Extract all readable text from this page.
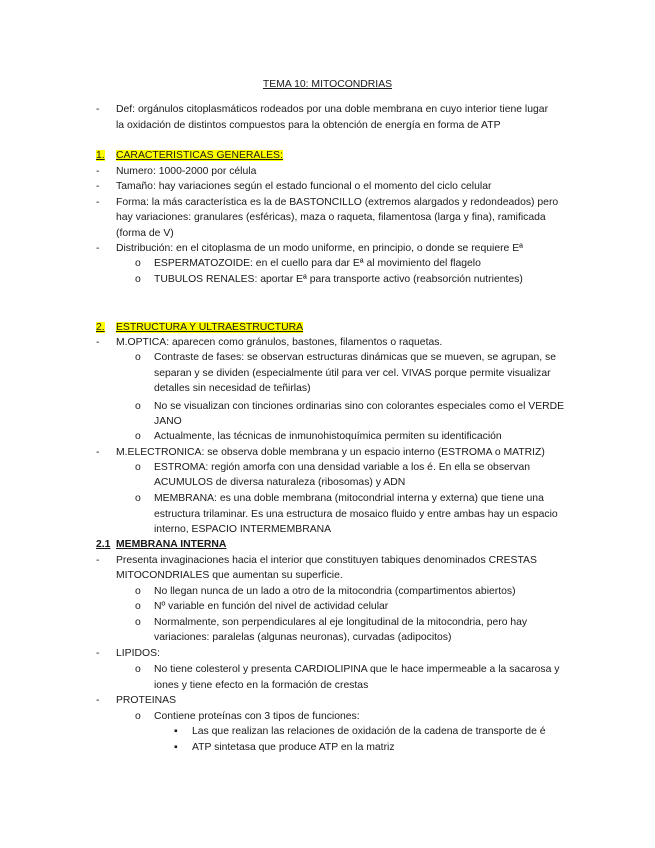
TEMA 10: MITOCONDRIAS
- Def: orgánulos citoplasmáticos rodeados por una doble membrana en cuyo interior tiene lugar
la oxidación de distintos compuestos para la obtención de energía en forma de ATP
1. CARACTERISTICAS GENERALES:
- Numero: 1000-2000 por célula
- Tamaño: hay variaciones según el estado funcional o el momento del ciclo celular
- Forma: la más característica es la de BASTONCILLO (extremos alargados y redondeados) pero
hay variaciones: granulares (esféricas), maza o raqueta, filamentosa (larga y fina), ramificada
(forma de V)
- Distribución: en el citoplasma de un modo uniforme, en principio, o donde se requiere Eª
o ESPERMATOZOIDE: en el cuello para dar Eª al movimiento del flagelo
o TUBULOS RENALES: aportar Eª para transporte activo (reabsorción nutrientes)
2. ESTRUCTURA Y ULTRAESTRUCTURA
- M.OPTICA: aparecen como gránulos, bastones, filamentos o raquetas.
o Contraste de fases: se observan estructuras dinámicas que se mueven, se agrupan, se
separan y se dividen (especialmente útil para ver cel. VIVAS porque permite visualizar
detalles sin necesidad de teñirlas)
o No se visualizan con tinciones ordinarias sino con colorantes especiales como el VERDE
JANO
o Actualmente, las técnicas de inmunohistoquímica permiten su identificación
- M.ELECTRONICA: se observa doble membrana y un espacio interno (ESTROMA o MATRIZ)
o ESTROMA: región amorfa con una densidad variable a los é. En ella se observan
ACUMULOS de diversa naturaleza (ribosomas) y ADN
o MEMBRANA: es una doble membrana (mitocondrial interna y externa) que tiene una
estructura trilaminar. Es una estructura de mosaico fluido y entre ambas hay un espacio
interno, ESPACIO INTERMEMBRANA
2.1 MEMBRANA INTERNA
- Presenta invaginaciones hacia el interior que constituyen tabiques denominados CRESTAS
MITOCONDRIALES que aumentan su superficie.
o No llegan nunca de un lado a otro de la mitocondria (compartimentos abiertos)
o Nº variable en función del nivel de actividad celular
o Normalmente, son perpendiculares al eje longitudinal de la mitocondria, pero hay
variaciones: paralelas (algunas neuronas), curvadas (adipocitos)
- LIPIDOS:
o No tiene colesterol y presenta CARDIOLIPINA que le hace impermeable a la sacarosa y
iones y tiene efecto en la formación de crestas
- PROTEINAS
o Contiene proteínas con 3 tipos de funciones:
▪ Las que realizan las relaciones de oxidación de la cadena de transporte de é
▪ ATP sintetasa que produce ATP en la matriz
